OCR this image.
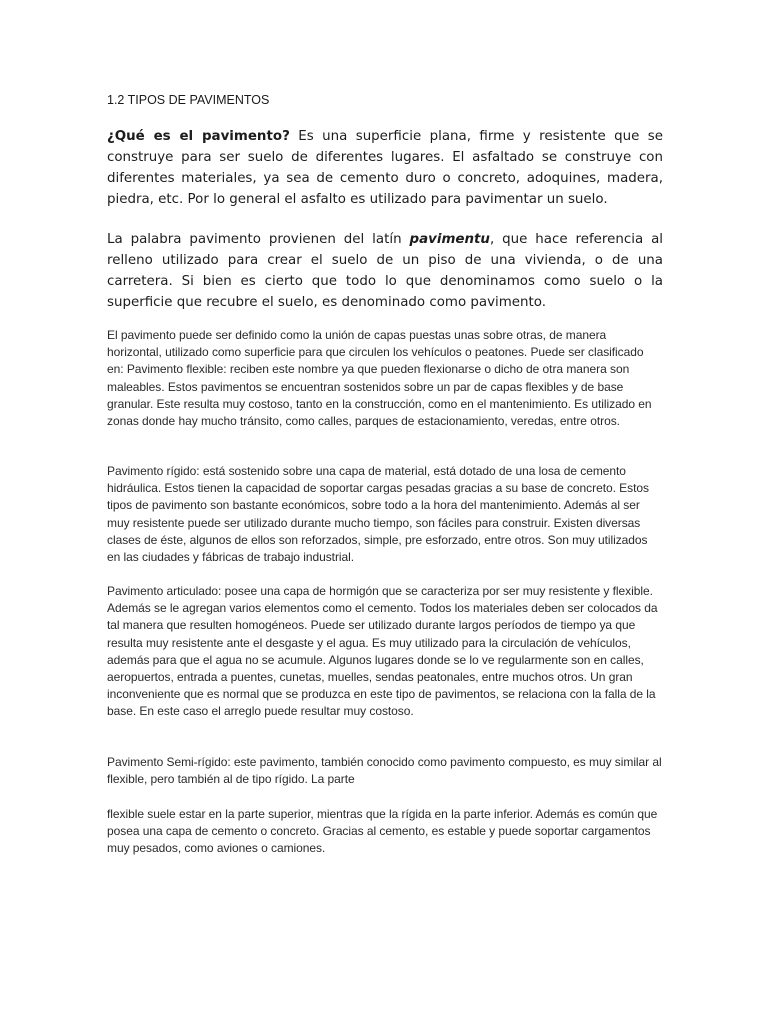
1.2 TIPOS DE PAVIMENTOS

¿Qué es el pavimento? Es una superficie plana, firme y resistente que se construye para ser suelo de diferentes lugares. El asfaltado se construye con diferentes materiales, ya sea de cemento duro o concreto, adoquines, madera, piedra, etc. Por lo general el asfalto es utilizado para pavimentar un suelo.

La palabra pavimento provienen del latín pavimentu, que hace referencia al relleno utilizado para crear el suelo de un piso de una vivienda, o de una carretera. Si bien es cierto que todo lo que denominamos como suelo o la superficie que recubre el suelo, es denominado como pavimento.

El pavimento puede ser definido como la unión de capas puestas unas sobre otras, de manera horizontal, utilizado como superficie para que circulen los vehículos o peatones. Puede ser clasificado en: Pavimento flexible: reciben este nombre ya que pueden flexionarse o dicho de otra manera son maleables. Estos pavimentos se encuentran sostenidos sobre un par de capas flexibles y de base granular. Este resulta muy costoso, tanto en la construcción, como en el mantenimiento. Es utilizado en zonas donde hay mucho tránsito, como calles, parques de estacionamiento, veredas, entre otros.

Pavimento rígido: está sostenido sobre una capa de material, está dotado de una losa de cemento hidráulica. Estos tienen la capacidad de soportar cargas pesadas gracias a su base de concreto. Estos tipos de pavimento son bastante económicos, sobre todo a la hora del mantenimiento. Además al ser muy resistente puede ser utilizado durante mucho tiempo, son fáciles para construir. Existen diversas clases de éste, algunos de ellos son reforzados, simple, pre esforzado, entre otros. Son muy utilizados en las ciudades y fábricas de trabajo industrial.

Pavimento articulado: posee una capa de hormigón que se caracteriza por ser muy resistente y flexible. Además se le agregan varios elementos como el cemento. Todos los materiales deben ser colocados da tal manera que resulten homogéneos. Puede ser utilizado durante largos períodos de tiempo ya que resulta muy resistente ante el desgaste y el agua. Es muy utilizado para la circulación de vehículos, además para que el agua no se acumule. Algunos lugares donde se lo ve regularmente son en calles, aeropuertos, entrada a puentes, cunetas, muelles, sendas peatonales, entre muchos otros. Un gran inconveniente que es normal que se produzca en este tipo de pavimentos, se relaciona con la falla de la base. En este caso el arreglo puede resultar muy costoso.

Pavimento Semi-rígido: este pavimento, también conocido como pavimento compuesto, es muy similar al flexible, pero también al de tipo rígido. La parte

flexible suele estar en la parte superior, mientras que la rígida en la parte inferior. Además es común que posea una capa de cemento o concreto. Gracias al cemento, es estable y puede soportar cargamentos muy pesados, como aviones o camiones.
